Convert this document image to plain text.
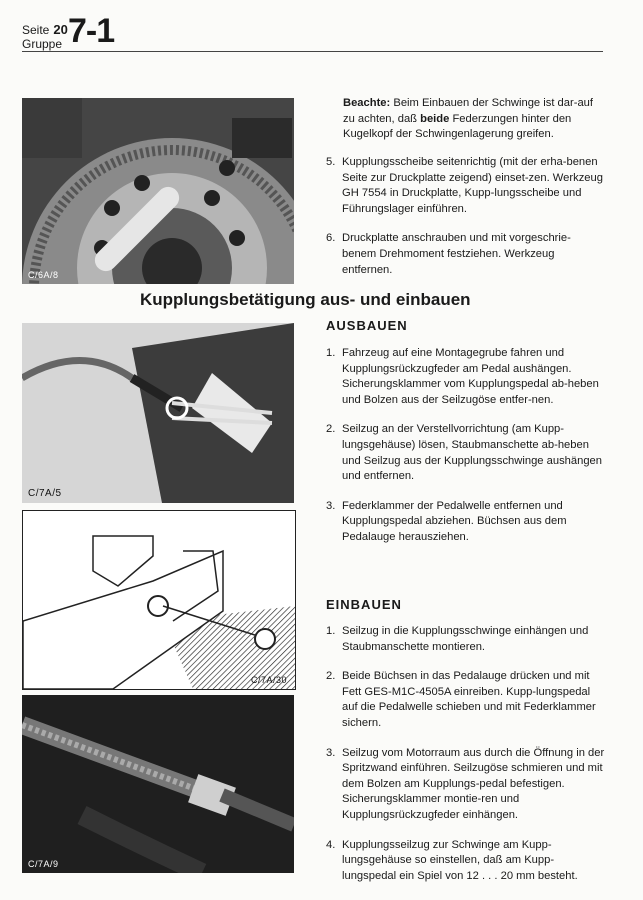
Seite 20
Gruppe 7-1
C/6A/8

Beachte: Beim Einbauen der Schwinge ist dar-auf zu achten, daß beide Federzungen hinter den Kugelkopf der Schwingenlagerung greifen.

5. Kupplungsscheibe seitenrichtig (mit der erha-benen Seite zur Druckplatte zeigend) einset-zen. Werkzeug GH 7554 in Druckplatte, Kupp-lungsscheibe und Führungslager einführen.
6. Druckplatte anschrauben und mit vorgeschrie-benem Drehmoment festziehen. Werkzeug entfernen.
Kupplungsbetätigung aus- und einbauen
AUSBAUEN
1. Fahrzeug auf eine Montagegrube fahren und Kupplungsrückzugfeder am Pedal aushängen. Sicherungsklammer vom Kupplungspedal ab-heben und Bolzen aus der Seilzugöse entfer-nen.
2. Seilzug an der Verstellvorrichtung (am Kupp-lungsgehäuse) lösen, Staubmanschette ab-heben und Seilzug aus der Kupplungsschwinge aushängen und entfernen.
3. Federklammer der Pedalwelle entfernen und Kupplungspedal abziehen. Büchsen aus dem Pedalauge herausziehen.
C/7A/5
C/7A/30
C/7A/9
EINBAUEN
1. Seilzug in die Kupplungsschwinge einhängen und Staubmanschette montieren.
2. Beide Büchsen in das Pedalauge drücken und mit Fett GES-M1C-4505A einreiben. Kupp-lungspedal auf die Pedalwelle schieben und mit Federklammer sichern.
3. Seilzug vom Motorraum aus durch die Öffnung in der Spritzwand einführen. Seilzugöse schmieren und mit dem Bolzen am Kupplungs-pedal befestigen. Sicherungsklammer montie-ren und Kupplungsrückzugfeder einhängen.
4. Kupplungsseilzug zur Schwinge am Kupp-lungsgehäuse so einstellen, daß am Kupp-lungspedal ein Spiel von 12 . . . 20 mm besteht.
